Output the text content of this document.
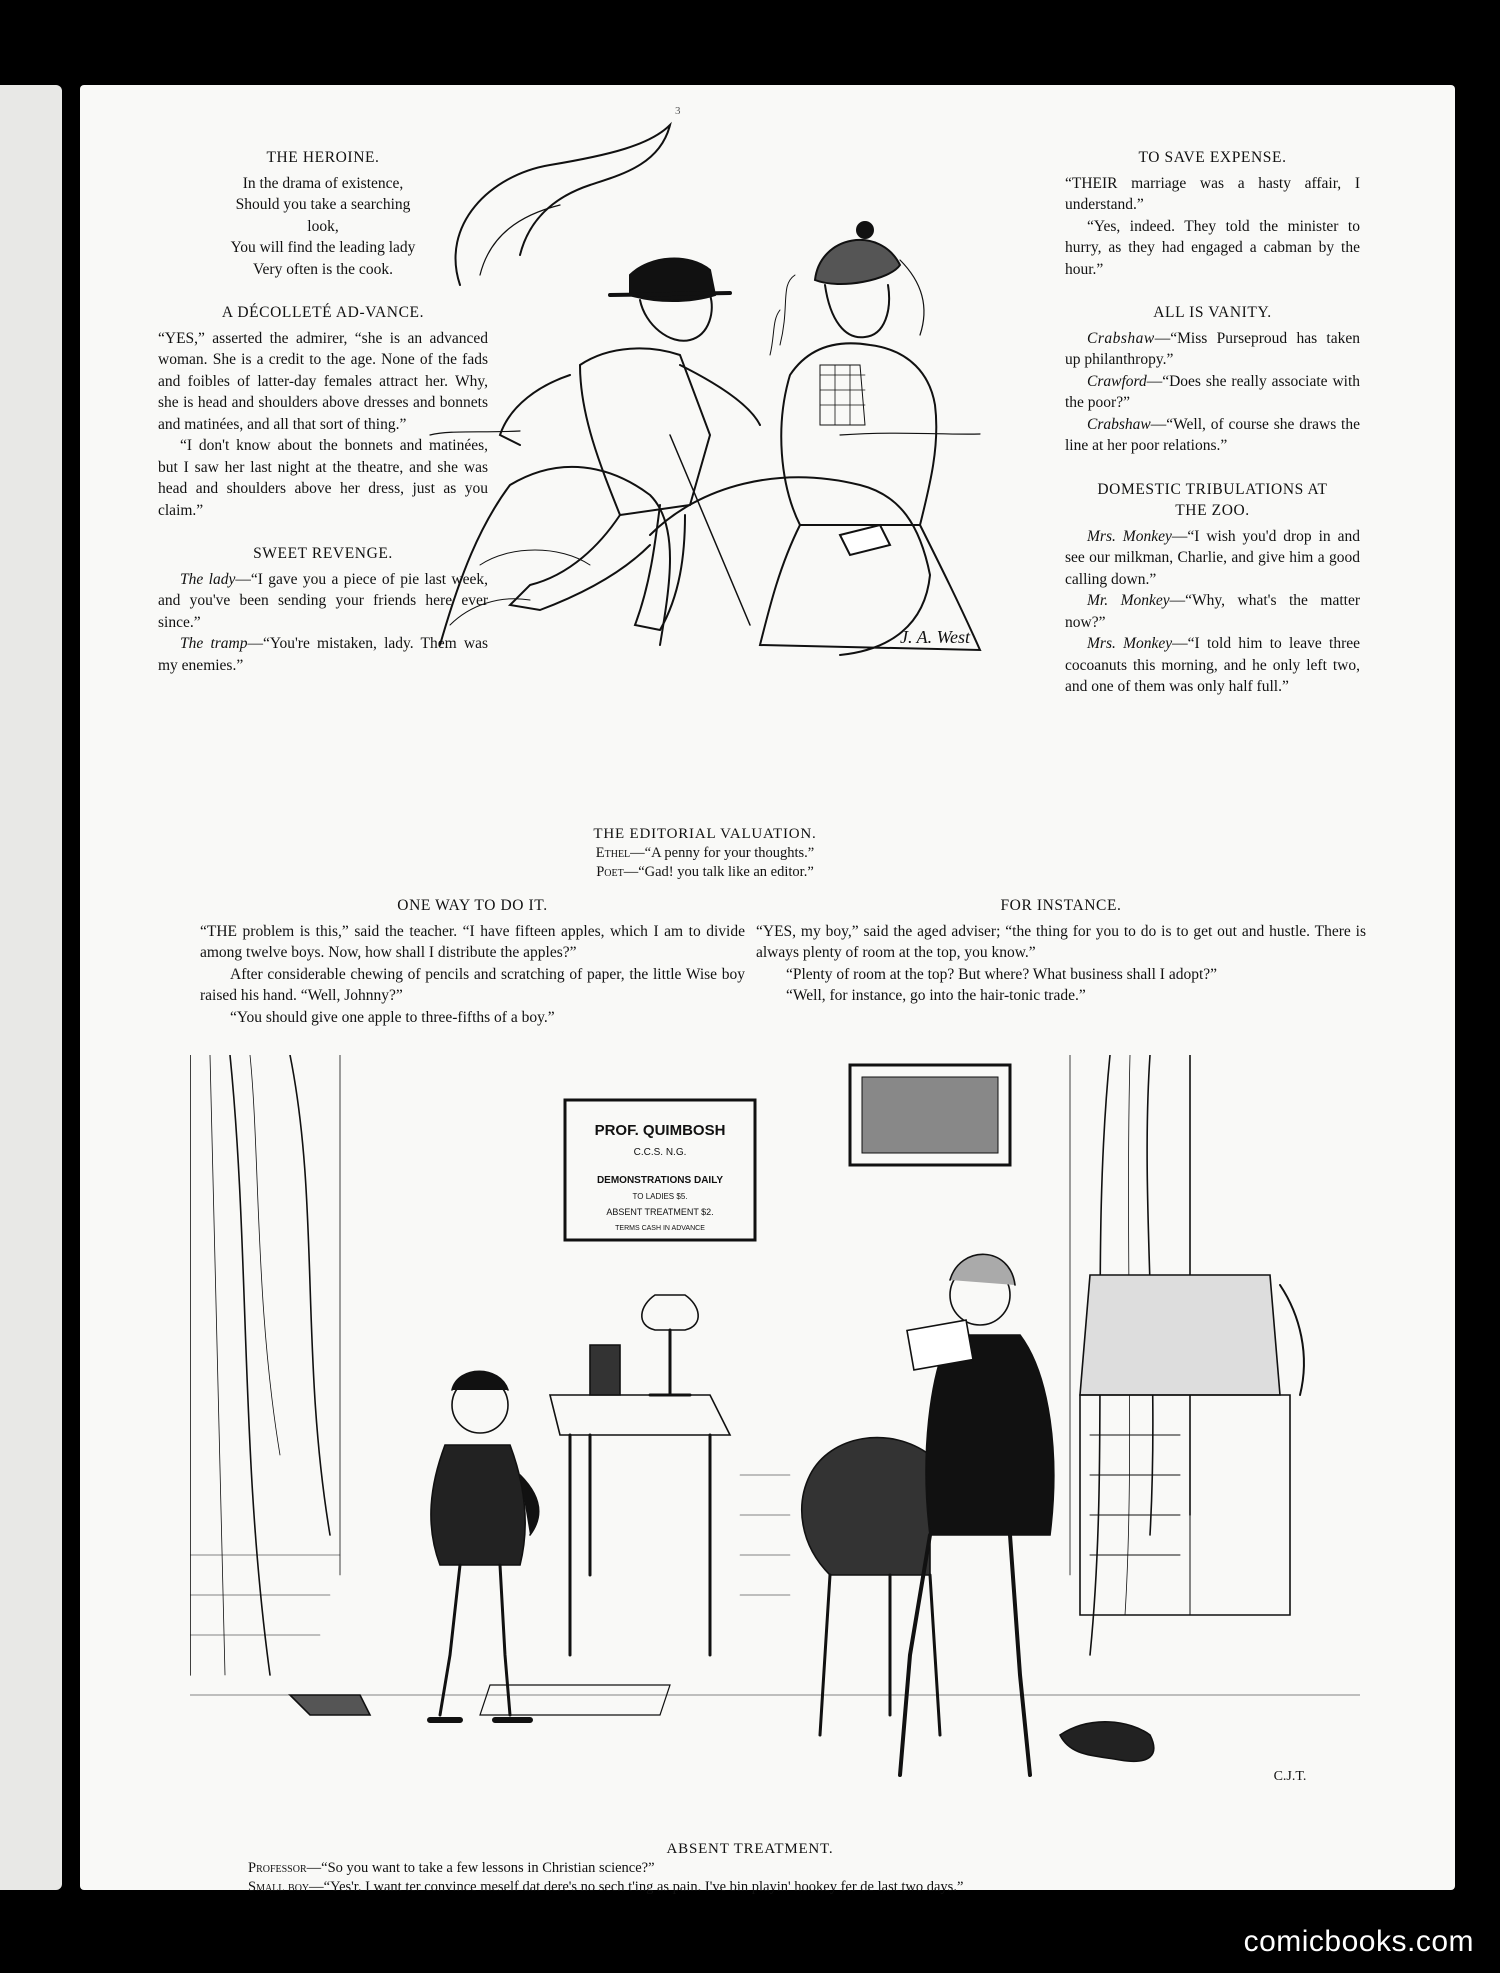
3
THE HEROINE.

In the drama of existence,
Should you take a searching
look,
You will find the leading lady
Very often is the cook.

A DÉCOLLETÉ AD-VANCE.

“YES,” asserted the admirer, “she is an advanced woman. She is a credit to the age. None of the fads and foibles of latter-day females attract her. Why, she is head and shoulders above dresses and bonnets and matinées, and all that sort of thing.”

“I don't know about the bonnets and matinées, but I saw her last night at the theatre, and she was head and shoulders above her dress, just as you claim.”

SWEET REVENGE.

The lady—“I gave you a piece of pie last week, and you've been sending your friends here ever since.”

The tramp—“You're mistaken, lady. Them was my enemies.”

J. A. West
THE EDITORIAL VALUATION.
Ethel—“A penny for your thoughts.”
Poet—“Gad! you talk like an editor.”
TO SAVE EXPENSE.

“THEIR marriage was a hasty affair, I understand.”

“Yes, indeed. They told the minister to hurry, as they had engaged a cabman by the hour.”

ALL IS VANITY.

Crabshaw—“Miss Purseproud has taken up philanthropy.”

Crawford—“Does she really associate with the poor?”

Crabshaw—“Well, of course she draws the line at her poor relations.”

DOMESTIC TRIBULATIONS AT THE ZOO.

Mrs. Monkey—“I wish you'd drop in and see our milkman, Charlie, and give him a good calling down.”

Mr. Monkey—“Why, what's the matter now?”

Mrs. Monkey—“I told him to leave three cocoanuts this morning, and he only left two, and one of them was only half full.”

ONE WAY TO DO IT.

“THE problem is this,” said the teacher. “I have fifteen apples, which I am to divide among twelve boys. Now, how shall I distribute the apples?”

After considerable chewing of pencils and scratching of paper, the little Wise boy raised his hand. “Well, Johnny?”

“You should give one apple to three-fifths of a boy.”

FOR INSTANCE.

“YES, my boy,” said the aged adviser; “the thing for you to do is to get out and hustle. There is always plenty of room at the top, you know.”

“Plenty of room at the top? But where? What business shall I adopt?”

“Well, for instance, go into the hair-tonic trade.”

PROF. QUIMBOSH
C.C.S. N.G.
DEMONSTRATIONS DAILY
TO LADIES $5.
ABSENT TREATMENT $2.
TERMS CASH IN ADVANCE
C.J.T.
ABSENT TREATMENT.
Professor—“So you want to take a few lessons in Christian science?”
Small boy—“Yes'r. I want ter convince meself dat dere's no sech t'ing as pain. I've bin playin' hookey fer de last two days.”
comicbooks.com
